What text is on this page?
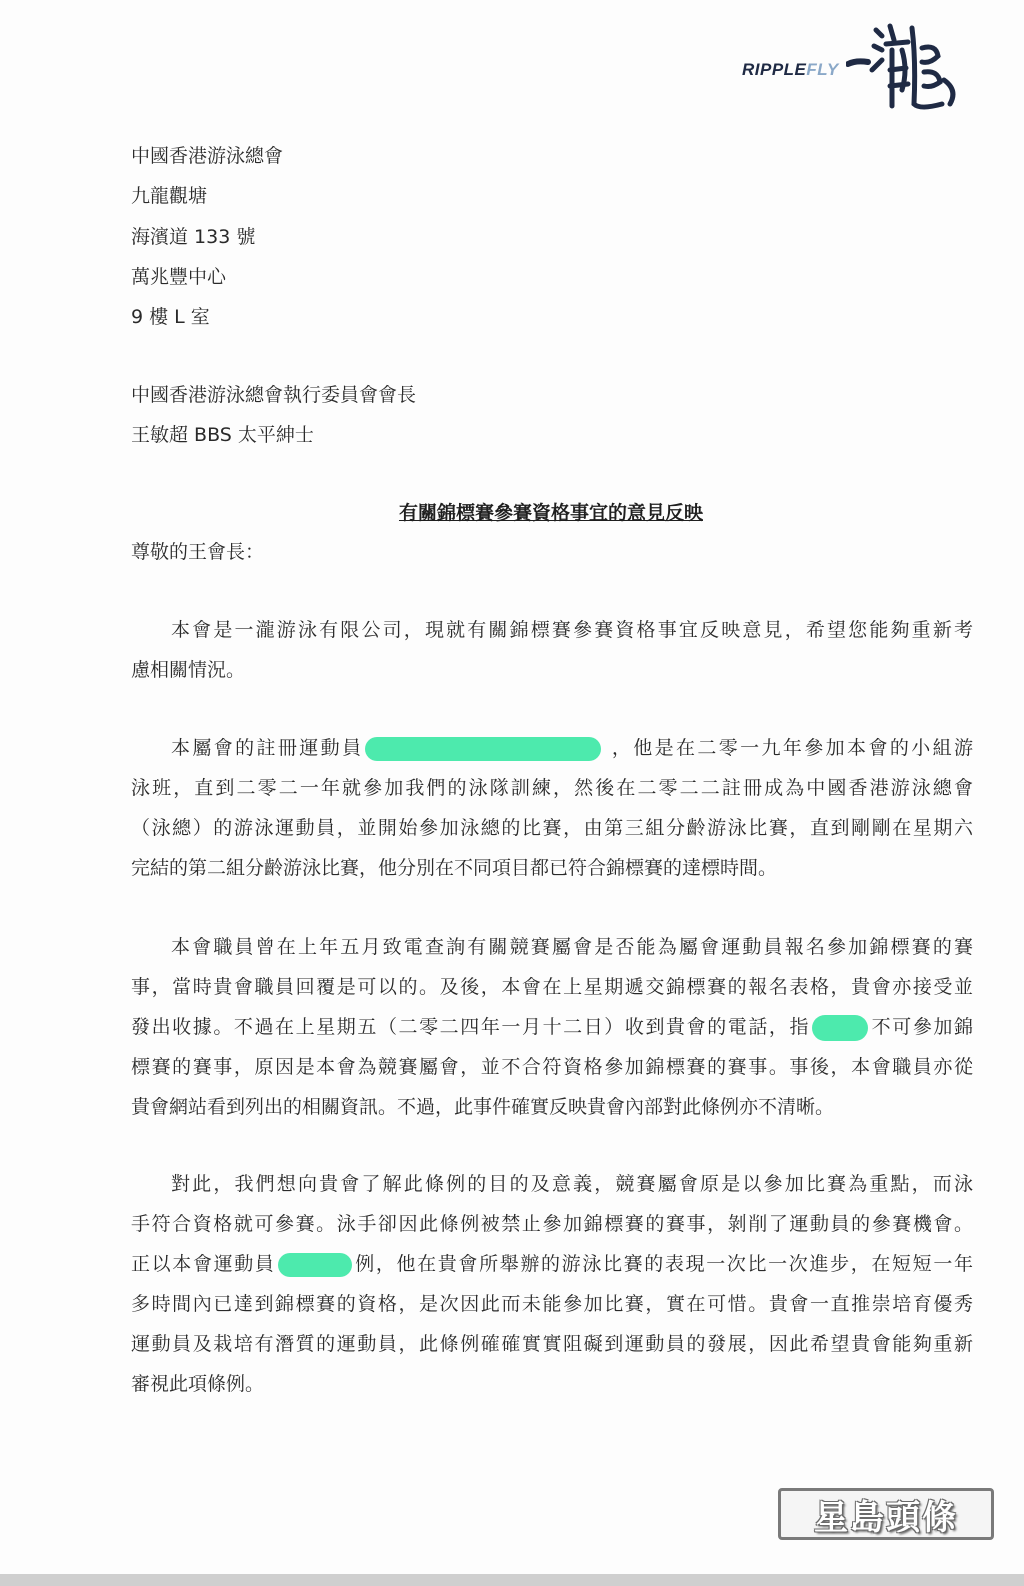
RIPPLEFLY

中國香港游泳總會
九龍觀塘
海濱道 133 號
萬兆豐中心
9 樓 L 室

中國香港游泳總會執行委員會會長
王敏超 BBS 太平紳士

有關錦標賽參賽資格事宜的意見反映

尊敬的王會長：

本會是一瀧游泳有限公司，現就有關錦標賽參賽資格事宜反映意見，希望您能夠重新考
慮相關情況。

本屬會的註冊運動員	，他是在二零一九年參加本會的小組游
泳班，直到二零二一年就參加我們的泳隊訓練，然後在二零二二註冊成為中國香港游泳總會
（泳總）的游泳運動員，並開始參加泳總的比賽，由第三組分齡游泳比賽，直到剛剛在星期六
完結的第二組分齡游泳比賽，他分別在不同項目都已符合錦標賽的達標時間。

本會職員曾在上年五月致電查詢有關競賽屬會是否能為屬會運動員報名參加錦標賽的賽
事，當時貴會職員回覆是可以的。及後，本會在上星期遞交錦標賽的報名表格，貴會亦接受並
發出收據。不過在上星期五（二零二四年一月十二日）收到貴會的電話，指	不可參加錦
標賽的賽事，原因是本會為競賽屬會，並不合符資格參加錦標賽的賽事。事後，本會職員亦從
貴會網站看到列出的相關資訊。不過，此事件確實反映貴會內部對此條例亦不清晰。

對此，我們想向貴會了解此條例的目的及意義，競賽屬會原是以參加比賽為重點，而泳
手符合資格就可參賽。泳手卻因此條例被禁止參加錦標賽的賽事，剝削了運動員的參賽機會。
正以本會運動員	例，他在貴會所舉辦的游泳比賽的表現一次比一次進步，在短短一年
多時間內已達到錦標賽的資格，是次因此而未能參加比賽，實在可惜。貴會一直推崇培育優秀
運動員及栽培有潛質的運動員，此條例確確實實阻礙到運動員的發展，因此希望貴會能夠重新
審視此項條例。

星島頭條
